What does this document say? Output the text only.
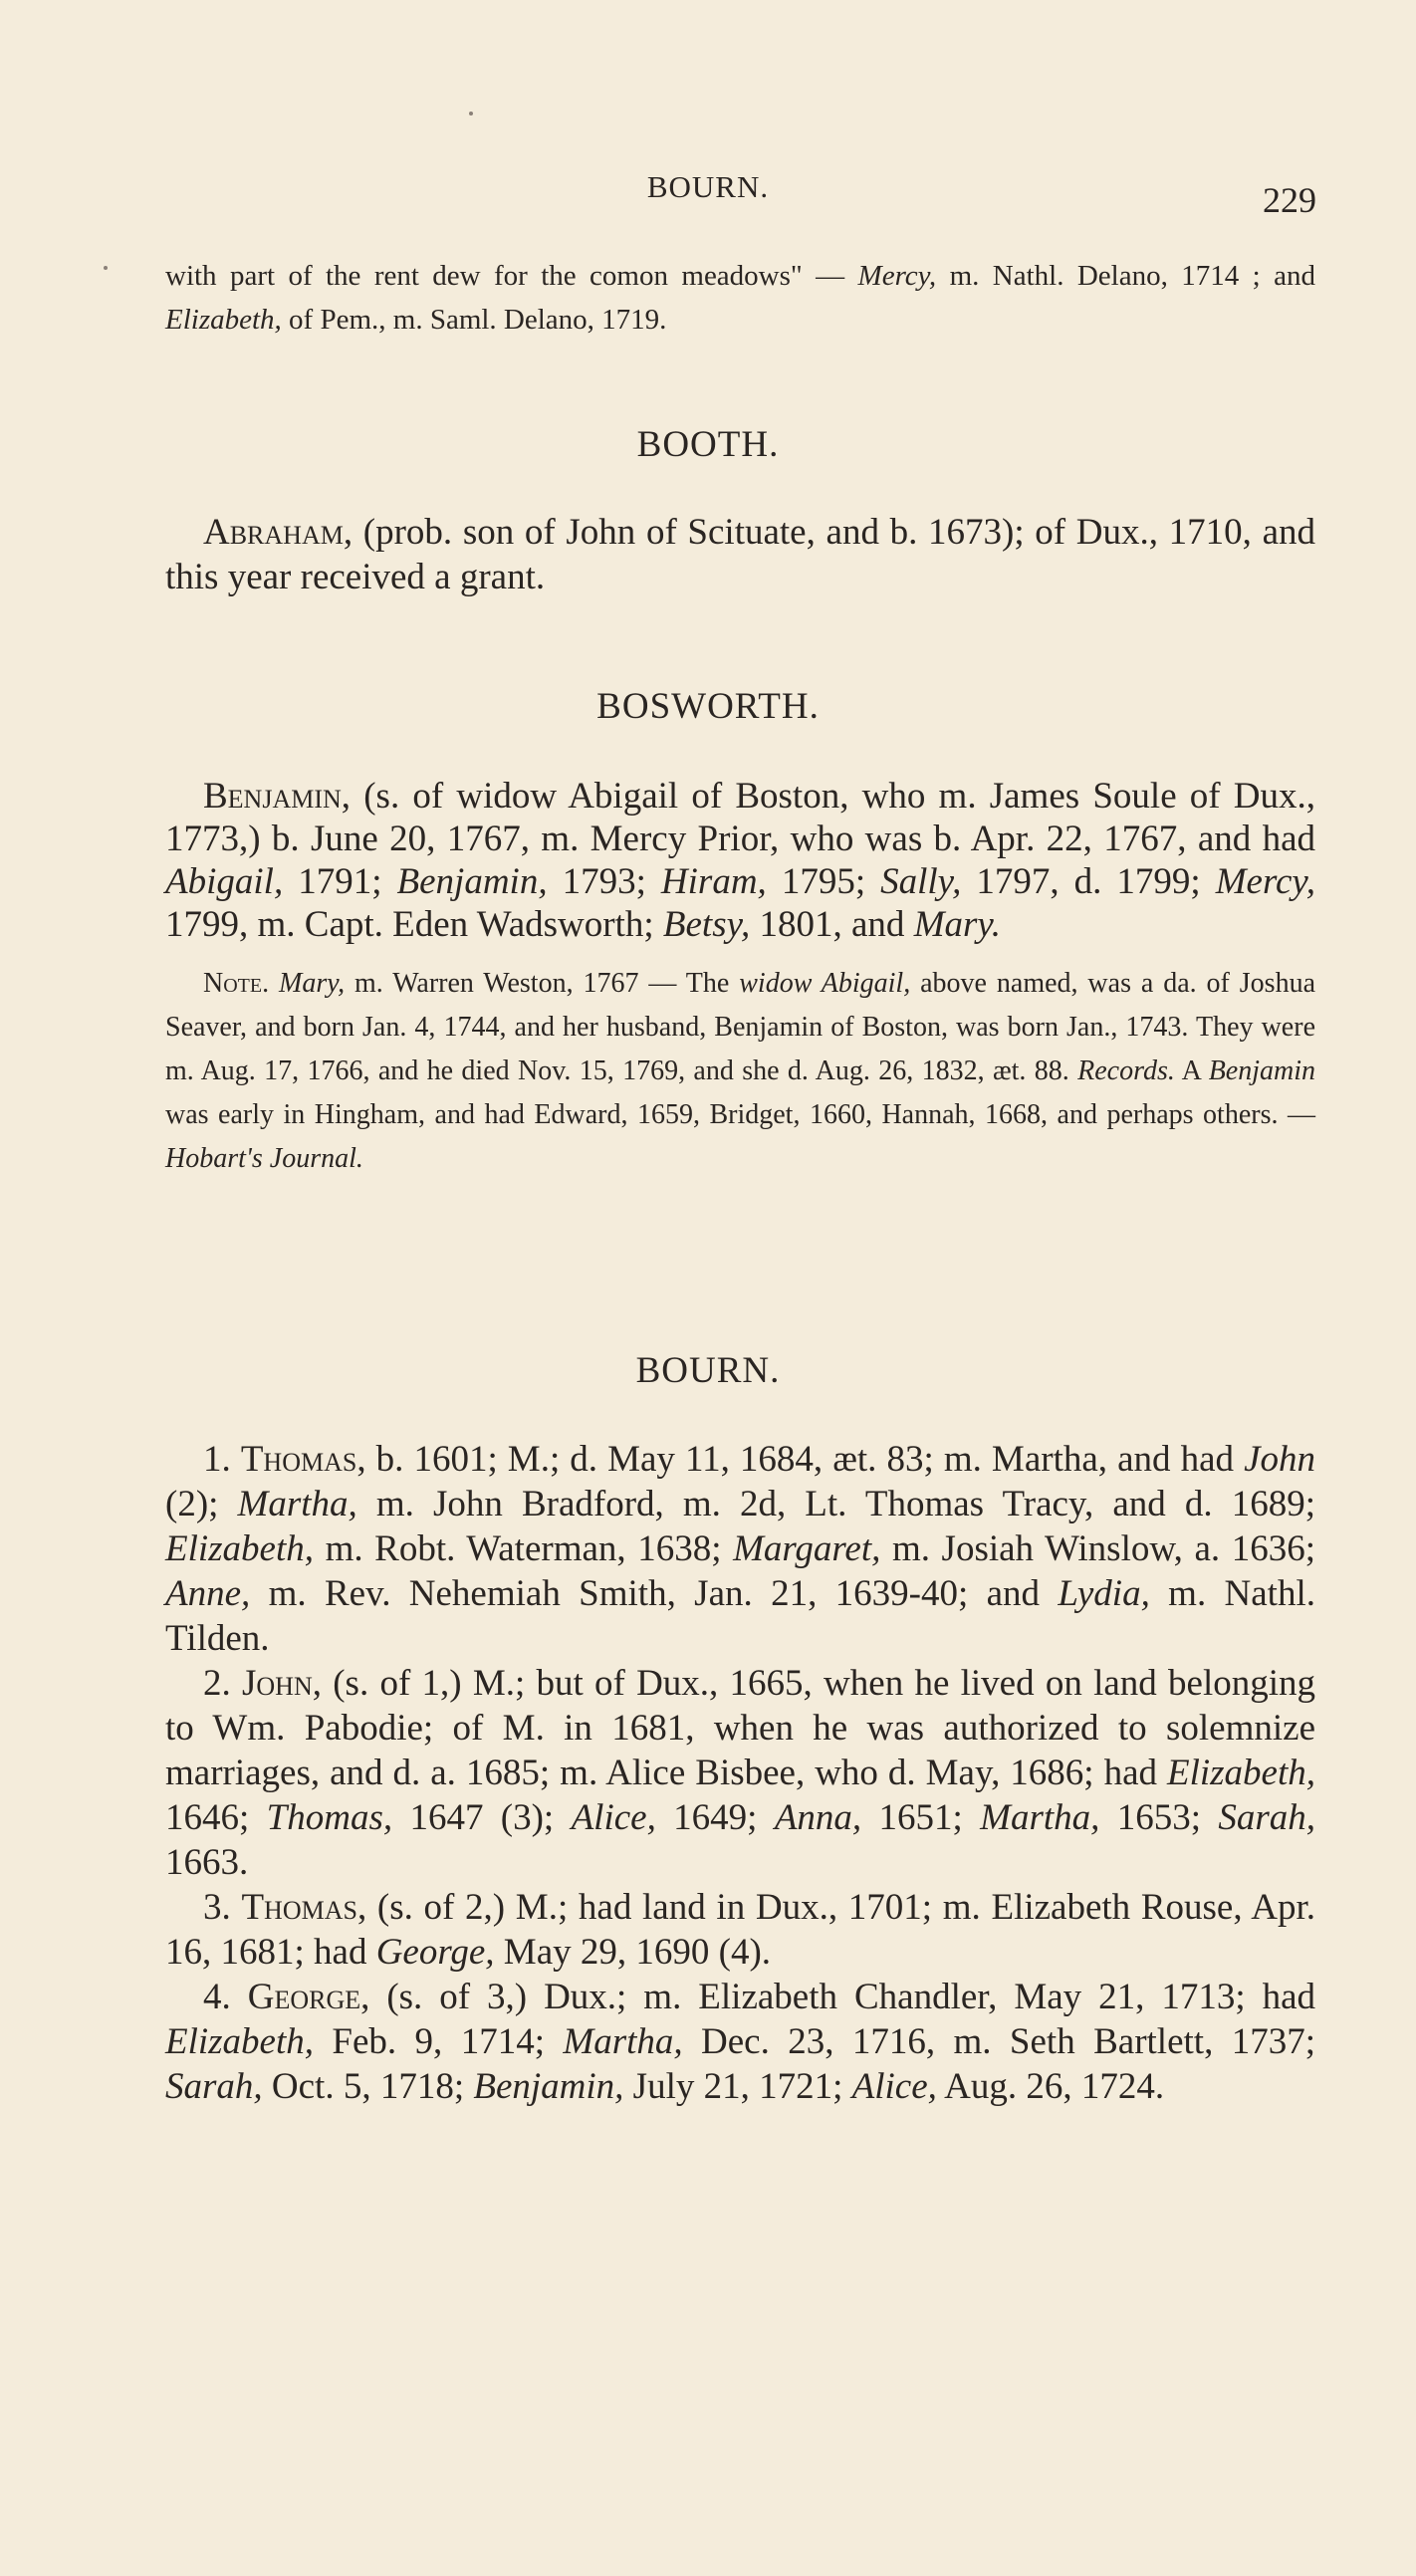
BOURN.	229

with part of the rent dew for the comon meadows" — Mercy, m. Nathl. Delano, 1714 ; and Elizabeth, of Pem., m. Saml. Delano, 1719.

BOOTH.

Abraham, (prob. son of John of Scituate, and b. 1673); of Dux., 1710, and this year received a grant.

BOSWORTH.

Benjamin, (s. of widow Abigail of Boston, who m. James Soule of Dux., 1773,) b. June 20, 1767, m. Mercy Prior, who was b. Apr. 22, 1767, and had Abigail, 1791; Benjamin, 1793; Hiram, 1795; Sally, 1797, d. 1799; Mercy, 1799, m. Capt. Eden Wadsworth; Betsy, 1801, and Mary.

Note. Mary, m. Warren Weston, 1767 — The widow Abigail, above named, was a da. of Joshua Seaver, and born Jan. 4, 1744, and her husband, Benjamin of Boston, was born Jan., 1743. They were m. Aug. 17, 1766, and he died Nov. 15, 1769, and she d. Aug. 26, 1832, æt. 88. Records. A Benjamin was early in Hingham, and had Edward, 1659, Bridget, 1660, Hannah, 1668, and perhaps others. — Hobart's Journal.

BOURN.

1. Thomas, b. 1601; M.; d. May 11, 1684, æt. 83; m. Martha, and had John (2); Martha, m. John Bradford, m. 2d, Lt. Thomas Tracy, and d. 1689; Elizabeth, m. Robt. Waterman, 1638; Margaret, m. Josiah Winslow, a. 1636; Anne, m. Rev. Nehemiah Smith, Jan. 21, 1639-40; and Lydia, m. Nathl. Tilden.

2. John, (s. of 1,) M.; but of Dux., 1665, when he lived on land belonging to Wm. Pabodie; of M. in 1681, when he was authorized to solemnize marriages, and d. a. 1685; m. Alice Bisbee, who d. May, 1686; had Elizabeth, 1646; Thomas, 1647 (3); Alice, 1649; Anna, 1651; Martha, 1653; Sarah, 1663.

3. Thomas, (s. of 2,) M.; had land in Dux., 1701; m. Elizabeth Rouse, Apr. 16, 1681; had George, May 29, 1690 (4).

4. George, (s. of 3,) Dux.; m. Elizabeth Chandler, May 21, 1713; had Elizabeth, Feb. 9, 1714; Martha, Dec. 23, 1716, m. Seth Bartlett, 1737; Sarah, Oct. 5, 1718; Benjamin, July 21, 1721; Alice, Aug. 26, 1724.
